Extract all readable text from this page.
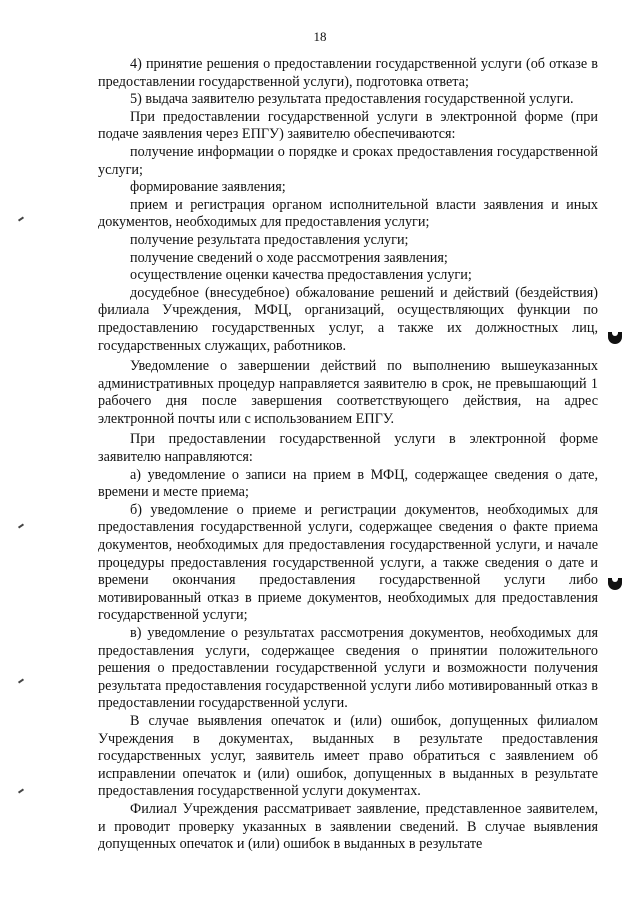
18

4) принятие решения о предоставлении государственной услуги (об отказе в предоставлении государственной услуги), подготовка ответа;

5) выдача заявителю результата предоставления государственной услуги.

При предоставлении государственной услуги в электронной форме (при подаче заявления через ЕПГУ) заявителю обеспечиваются:

получение информации о порядке и сроках предоставления государственной услуги;

формирование заявления;

прием и регистрация органом исполнительной власти заявления и иных документов, необходимых для предоставления услуги;

получение результата предоставления услуги;

получение сведений о ходе рассмотрения заявления;

осуществление оценки качества предоставления услуги;

досудебное (внесудебное) обжалование решений и действий (бездействия) филиала Учреждения, МФЦ, организаций, осуществляющих функции по предоставлению государственных услуг, а также их должностных лиц, государственных служащих, работников.

Уведомление о завершении действий по выполнению вышеуказанных административных процедур направляется заявителю в срок, не превышающий 1 рабочего дня после завершения соответствующего действия, на адрес электронной почты или с использованием ЕПГУ.

При предоставлении государственной услуги в электронной форме заявителю направляются:

а) уведомление о записи на прием в МФЦ, содержащее сведения о дате, времени и месте приема;

б) уведомление о приеме и регистрации документов, необходимых для предоставления государственной услуги, содержащее сведения о факте приема документов, необходимых для предоставления государственной услуги, и начале процедуры предоставления государственной услуги, а также сведения о дате и времени окончания предоставления государственной услуги либо мотивированный отказ в приеме документов, необходимых для предоставления государственной услуги;

в) уведомление о результатах рассмотрения документов, необходимых для предоставления услуги, содержащее сведения о принятии положительного решения о предоставлении государственной услуги и возможности получения результата предоставления государственной услуги либо мотивированный отказ в предоставлении государственной услуги.

В случае выявления опечаток и (или) ошибок, допущенных филиалом Учреждения в документах, выданных в результате предоставления государственных услуг, заявитель имеет право обратиться с заявлением об исправлении опечаток и (или) ошибок, допущенных в выданных в результате предоставления государственной услуги документах.

Филиал Учреждения рассматривает заявление, представленное заявителем, и проводит проверку указанных в заявлении сведений. В случае выявления допущенных опечаток и (или) ошибок в выданных в результате
